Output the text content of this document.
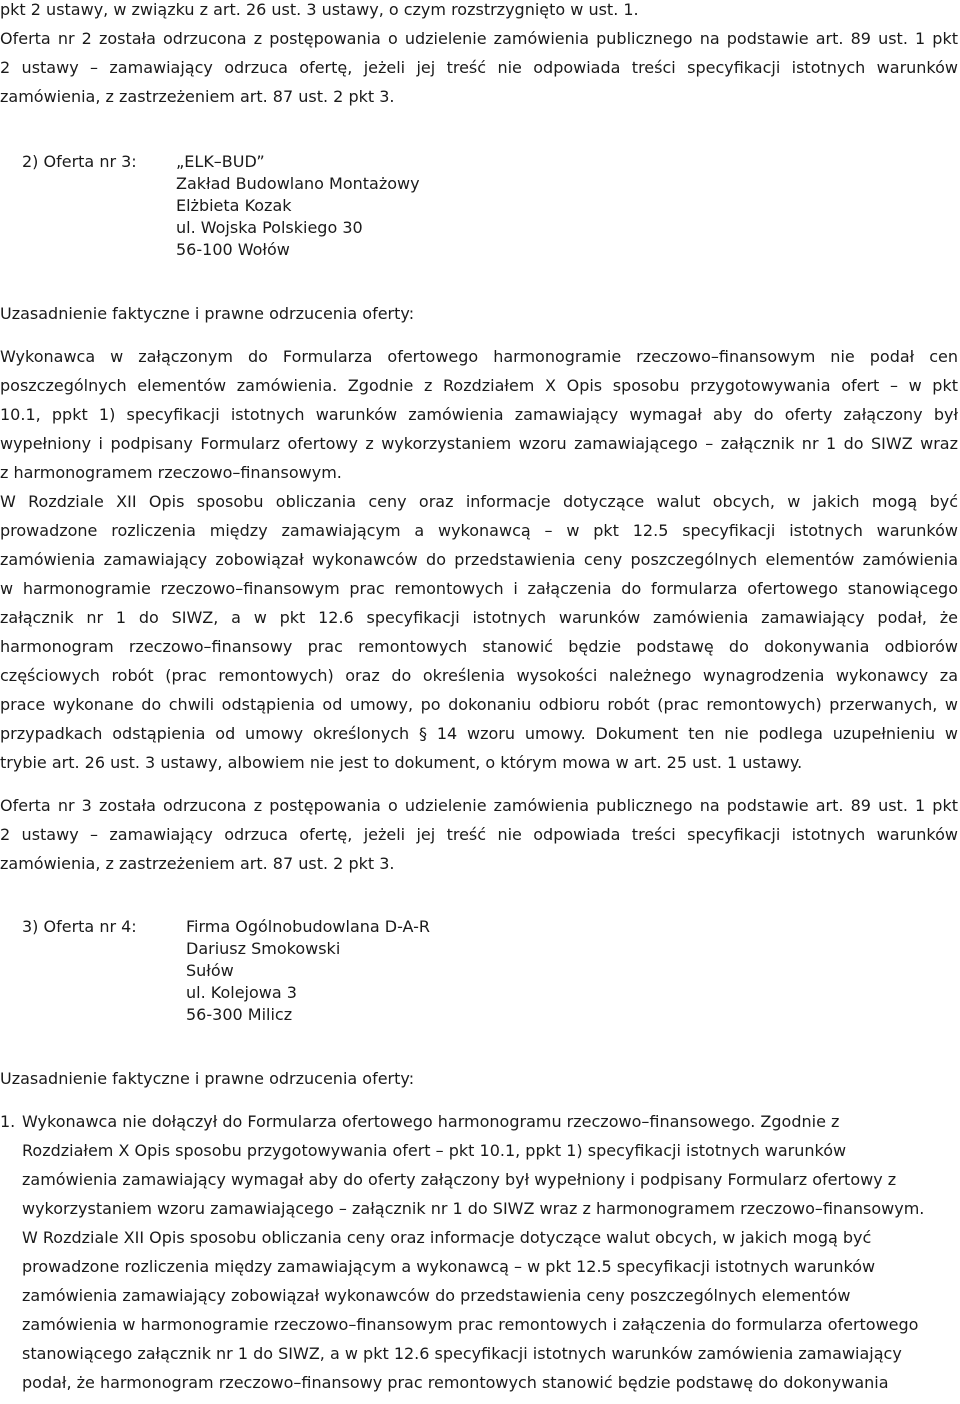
pkt 2 ustawy, w związku z art. 26 ust. 3 ustawy, o czym rozstrzygnięto w ust. 1.
Oferta nr 2 została odrzucona z postępowania o udzielenie zamówienia publicznego na podstawie art. 89 ust. 1 pkt
2 ustawy – zamawiający odrzuca ofertę, jeżeli jej treść nie odpowiada treści specyfikacji istotnych warunków
zamówienia, z zastrzeżeniem art. 87 ust. 2 pkt 3.
2) Oferta nr 3: „ELK–BUD”
Zakład Budowlano Montażowy
Elżbieta Kozak
ul. Wojska Polskiego 30
56-100 Wołów
Uzasadnienie faktyczne i prawne odrzucenia oferty:
Wykonawca w załączonym do Formularza ofertowego harmonogramie rzeczowo–finansowym nie podał cen
poszczególnych elementów zamówienia. Zgodnie z Rozdziałem X Opis sposobu przygotowywania ofert – w pkt
10.1, ppkt 1) specyfikacji istotnych warunków zamówienia zamawiający wymagał aby do oferty załączony był
wypełniony i podpisany Formularz ofertowy z wykorzystaniem wzoru zamawiającego – załącznik nr 1 do SIWZ wraz
z harmonogramem rzeczowo–finansowym.
W Rozdziale XII Opis sposobu obliczania ceny oraz informacje dotyczące walut obcych, w jakich mogą być
prowadzone rozliczenia między zamawiającym a wykonawcą – w pkt 12.5 specyfikacji istotnych warunków
zamówienia zamawiający zobowiązał wykonawców do przedstawienia ceny poszczególnych elementów zamówienia
w harmonogramie rzeczowo–finansowym prac remontowych i załączenia do formularza ofertowego stanowiącego
załącznik nr 1 do SIWZ, a w pkt 12.6 specyfikacji istotnych warunków zamówienia zamawiający podał, że
harmonogram rzeczowo–finansowy prac remontowych stanowić będzie podstawę do dokonywania odbiorów
częściowych robót (prac remontowych) oraz do określenia wysokości należnego wynagrodzenia wykonawcy za
prace wykonane do chwili odstąpienia od umowy, po dokonaniu odbioru robót (prac remontowych) przerwanych, w
przypadkach odstąpienia od umowy określonych § 14 wzoru umowy. Dokument ten nie podlega uzupełnieniu w
trybie art. 26 ust. 3 ustawy, albowiem nie jest to dokument, o którym mowa w art. 25 ust. 1 ustawy.
Oferta nr 3 została odrzucona z postępowania o udzielenie zamówienia publicznego na podstawie art. 89 ust. 1 pkt
2 ustawy – zamawiający odrzuca ofertę, jeżeli jej treść nie odpowiada treści specyfikacji istotnych warunków
zamówienia, z zastrzeżeniem art. 87 ust. 2 pkt 3.
3) Oferta nr 4:	Firma Ogólnobudowlana D-A-R
Dariusz Smokowski
Sułów
ul. Kolejowa 3
56-300 Milicz
Uzasadnienie faktyczne i prawne odrzucenia oferty:
1. Wykonawca nie dołączył do Formularza ofertowego harmonogramu rzeczowo–finansowego. Zgodnie z
Rozdziałem X Opis sposobu przygotowywania ofert – pkt 10.1, ppkt 1) specyfikacji istotnych warunków
zamówienia zamawiający wymagał aby do oferty załączony był wypełniony i podpisany Formularz ofertowy z
wykorzystaniem wzoru zamawiającego – załącznik nr 1 do SIWZ wraz z harmonogramem rzeczowo–finansowym.
W Rozdziale XII Opis sposobu obliczania ceny oraz informacje dotyczące walut obcych, w jakich mogą być
prowadzone rozliczenia między zamawiającym a wykonawcą – w pkt 12.5 specyfikacji istotnych warunków
zamówienia zamawiający zobowiązał wykonawców do przedstawienia ceny poszczególnych elementów
zamówienia w harmonogramie rzeczowo–finansowym prac remontowych i załączenia do formularza ofertowego
stanowiącego załącznik nr 1 do SIWZ, a w pkt 12.6 specyfikacji istotnych warunków zamówienia zamawiający
podał, że harmonogram rzeczowo–finansowy prac remontowych stanowić będzie podstawę do dokonywania
